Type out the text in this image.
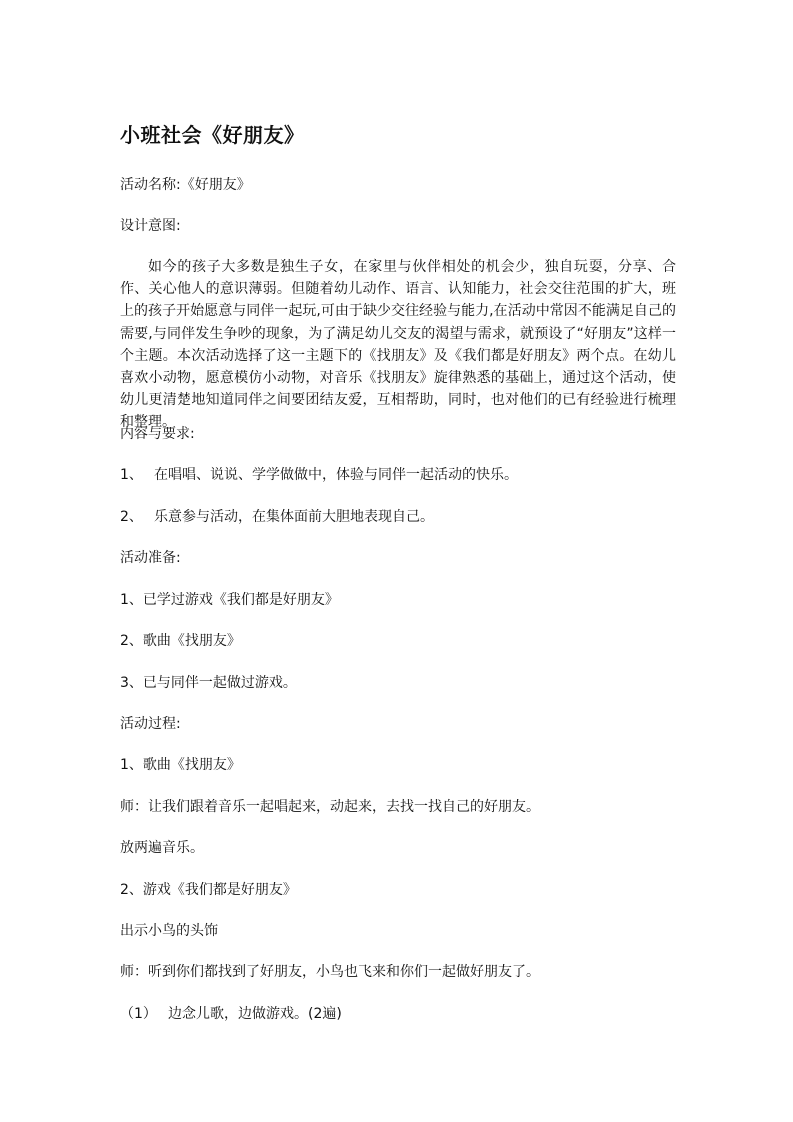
小班社会《好朋友》
活动名称:《好朋友》
设计意图:
如今的孩子大多数是独生子女，在家里与伙伴相处的机会少，独自玩耍，分享、合作、关心他人的意识薄弱。但随着幼儿动作、语言、认知能力，社会交往范围的扩大，班上的孩子开始愿意与同伴一起玩,可由于缺少交往经验与能力,在活动中常因不能满足自己的需要,与同伴发生争吵的现象，为了满足幼儿交友的渴望与需求，就预设了“好朋友”这样一个主题。本次活动选择了这一主题下的《找朋友》及《我们都是好朋友》两个点。在幼儿喜欢小动物，愿意模仿小动物，对音乐《找朋友》旋律熟悉的基础上，通过这个活动，使幼儿更清楚地知道同伴之间要团结友爱，互相帮助，同时，也对他们的已有经验进行梳理和整理。
内容与要求:
1、 在唱唱、说说、学学做做中，体验与同伴一起活动的快乐。
2、 乐意参与活动，在集体面前大胆地表现自己。
活动准备:
1、已学过游戏《我们都是好朋友》
2、歌曲《找朋友》
3、已与同伴一起做过游戏。
活动过程:
1、歌曲《找朋友》
师：让我们跟着音乐一起唱起来，动起来，去找一找自己的好朋友。
放两遍音乐。
2、游戏《我们都是好朋友》
出示小鸟的头饰
师：听到你们都找到了好朋友，小鸟也飞来和你们一起做好朋友了。
（1） 边念儿歌，边做游戏。(2遍)
